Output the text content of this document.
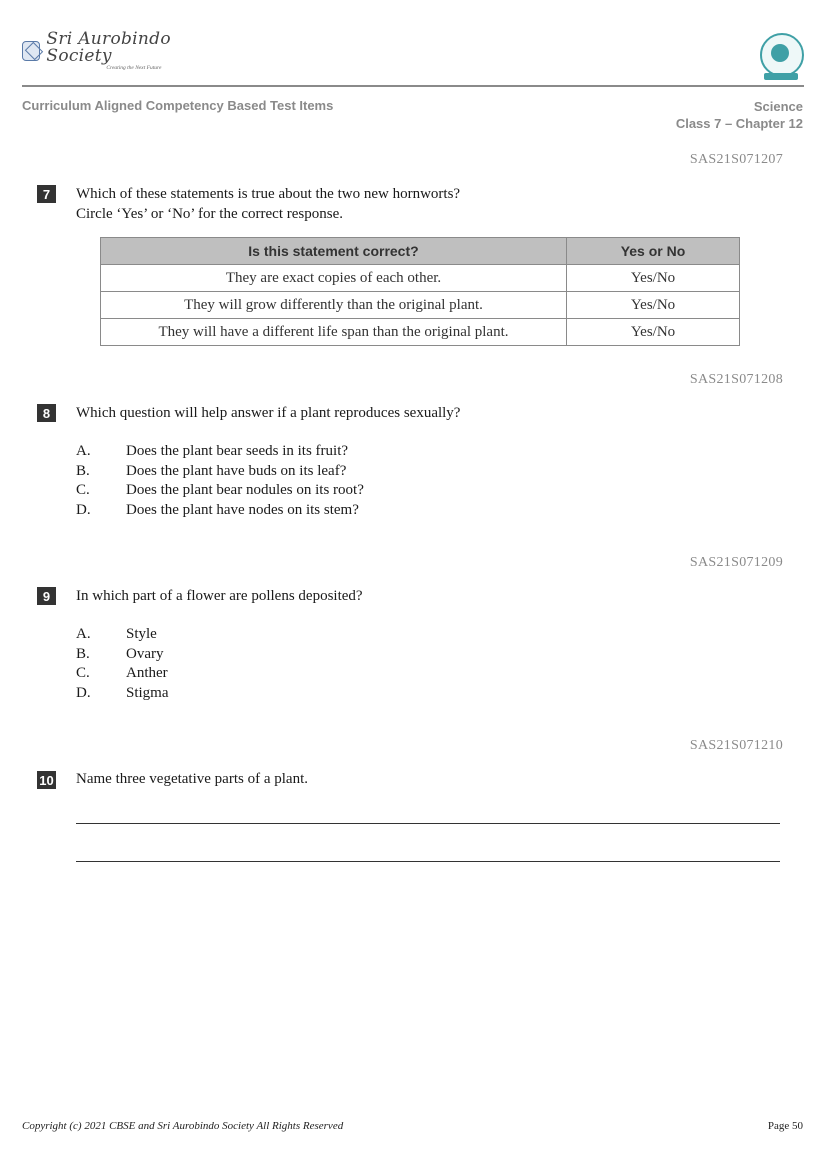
Sri Aurobindo Society
Creating the Next Future
Curriculum Aligned Competency Based Test Items	Science
Class 7 – Chapter 12
SAS21S071207
7	Which of these statements is true about the two new hornworts?
Circle ‘Yes’ or ‘No’ for the correct response.
Is this statement correct?	Yes or No
They are exact copies of each other.	Yes/No
They will grow differently than the original plant.	Yes/No
They will have a different life span than the original plant.	Yes/No
SAS21S071208
8	Which question will help answer if a plant reproduces sexually?
A.	Does the plant bear seeds in its fruit?
B.	Does the plant have buds on its leaf?
C.	Does the plant bear nodules on its root?
D.	Does the plant have nodes on its stem?
SAS21S071209
9	In which part of a flower are pollens deposited?
A.	Style
B.	Ovary
C.	Anther
D.	Stigma
SAS21S071210
10 Name three vegetative parts of a plant.
Copyright (c) 2021 CBSE and Sri Aurobindo Society All Rights Reserved	Page 50
